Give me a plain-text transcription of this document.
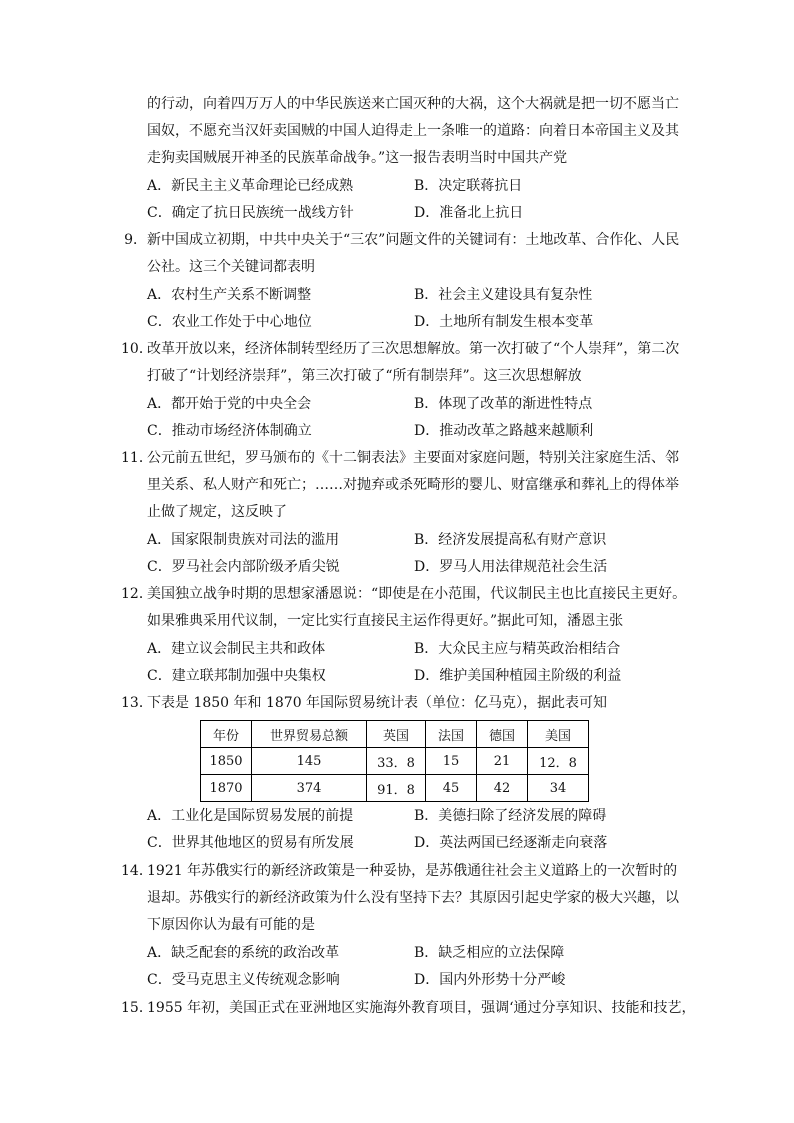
的行动，向着四万万人的中华民族送来亡国灭种的大祸，这个大祸就是把一切不愿当亡
国奴，不愿充当汉奸卖国贼的中国人迫得走上一条唯一的道路：向着日本帝国主义及其
走狗卖国贼展开神圣的民族革命战争。”这一报告表明当时中国共产党
A．新民主主义革命理论已经成熟	B．决定联蒋抗日
C．确定了抗日民族统一战线方针	D．准备北上抗日
9．新中国成立初期，中共中央关于“三农”问题文件的关键词有：土地改革、合作化、人民
公社。这三个关键词都表明
A．农村生产关系不断调整	B．社会主义建设具有复杂性
C．农业工作处于中心地位	D．土地所有制发生根本变革
10．改革开放以来，经济体制转型经历了三次思想解放。第一次打破了“个人崇拜”，第二次
打破了“计划经济崇拜”，第三次打破了“所有制崇拜”。这三次思想解放
A．都开始于党的中央全会	B．体现了改革的渐进性特点
C．推动市场经济体制确立	D．推动改革之路越来越顺利
11．公元前五世纪，罗马颁布的《十二铜表法》主要面对家庭问题，特别关注家庭生活、邻
里关系、私人财产和死亡；……对抛弃或杀死畸形的婴儿、财富继承和葬礼上的得体举
止做了规定，这反映了
A．国家限制贵族对司法的滥用	B．经济发展提高私有财产意识
C．罗马社会内部阶级矛盾尖锐	D．罗马人用法律规范社会生活
12．美国独立战争时期的思想家潘恩说：“即使是在小范围，代议制民主也比直接民主更好。
如果雅典采用代议制，一定比实行直接民主运作得更好。”据此可知，潘恩主张
A．建立议会制民主共和政体	B．大众民主应与精英政治相结合
C．建立联邦制加强中央集权	D．维护美国种植园主阶级的利益
13．下表是 1850 年和 1870 年国际贸易统计表（单位：亿马克），据此表可知
年份	世界贸易总额	英国	法国	德国	美国
1850	145	33．8	15	21	12．8
1870	374	91．8	45	42	34
A．工业化是国际贸易发展的前提	B．美德扫除了经济发展的障碍
C．世界其他地区的贸易有所发展	D．英法两国已经逐渐走向衰落
14．1921 年苏俄实行的新经济政策是一种妥协，是苏俄通往社会主义道路上的一次暂时的
退却。苏俄实行的新经济政策为什么没有坚持下去？其原因引起史学家的极大兴趣，以
下原因你认为最有可能的是
A．缺乏配套的系统的政治改革	B．缺乏相应的立法保障
C．受马克思主义传统观念影响	D．国内外形势十分严峻
15．1955 年初，美国正式在亚洲地区实施海外教育项目，强调‘通过分享知识、技能和技艺，
